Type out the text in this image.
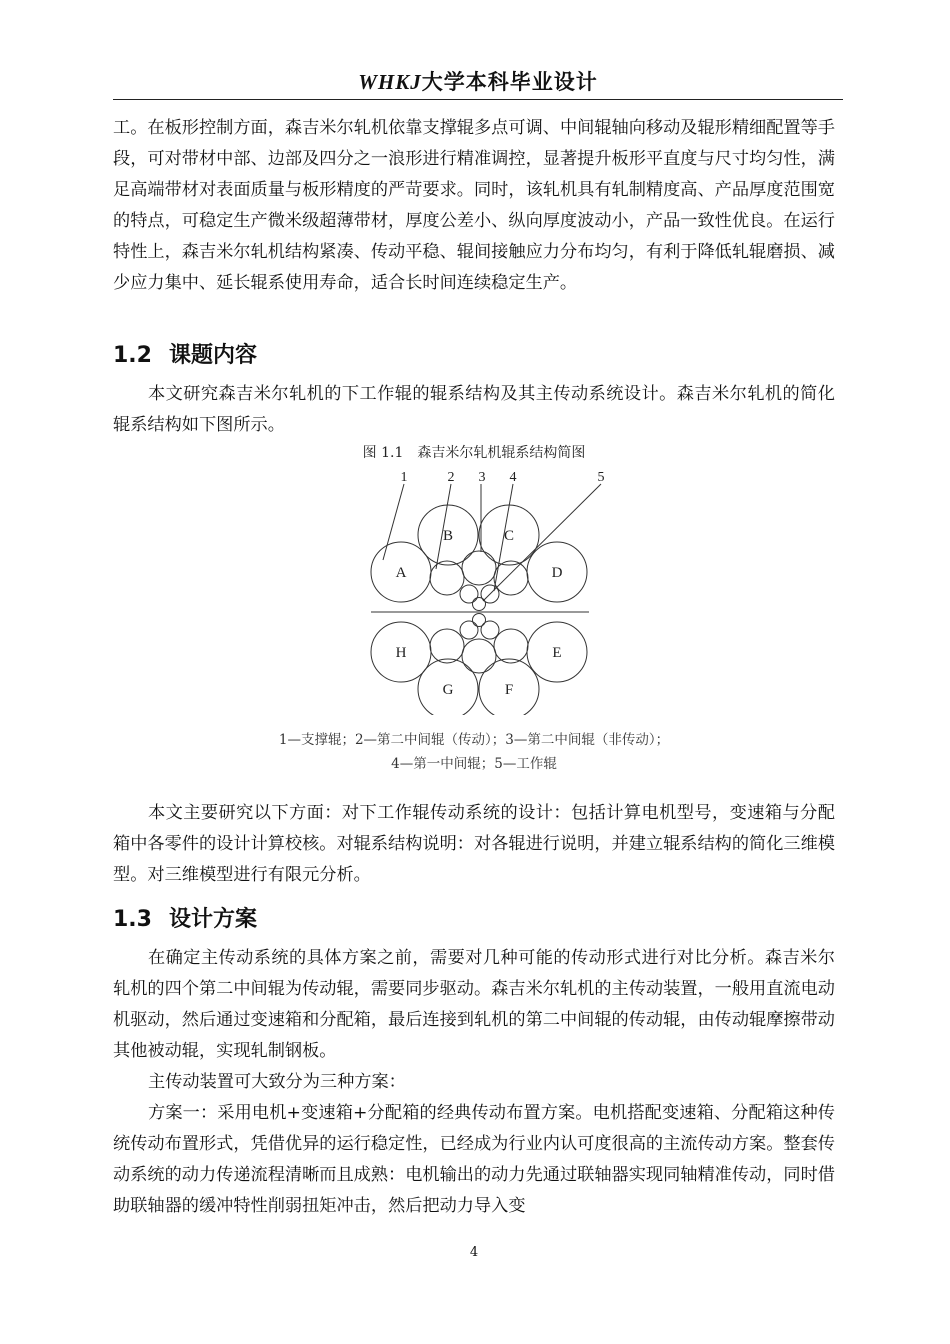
WHKJ大学本科毕业设计

工。在板形控制方面，森吉米尔轧机依靠支撑辊多点可调、中间辊轴向移动及辊形精细配置等手段，可对带材中部、边部及四分之一浪形进行精准调控，显著提升板形平直度与尺寸均匀性，满足高端带材对表面质量与板形精度的严苛要求。同时，该轧机具有轧制精度高、产品厚度范围宽的特点，可稳定生产微米级超薄带材，厚度公差小、纵向厚度波动小，产品一致性优良。在运行特性上，森吉米尔轧机结构紧凑、传动平稳、辊间接触应力分布均匀，有利于降低轧辊磨损、减少应力集中、延长辊系使用寿命，适合长时间连续稳定生产。

1.2 课题内容

本文研究森吉米尔轧机的下工作辊的辊系结构及其主传动系统设计。森吉米尔轧机的简化辊系结构如下图所示。

图 1.1　森吉米尔轧机辊系结构简图
1	2 3 4	5
A
B	C
D
E
F
G
H
1—支撑辊；2—第二中间辊（传动）；3—第二中间辊（非传动）；
4—第一中间辊；5—工作辊

本文主要研究以下方面：对下工作辊传动系统的设计：包括计算电机型号，变速箱与分配箱中各零件的设计计算校核。对辊系结构说明：对各辊进行说明，并建立辊系结构的简化三维模型。对三维模型进行有限元分析。

1.3 设计方案

在确定主传动系统的具体方案之前，需要对几种可能的传动形式进行对比分析。森吉米尔轧机的四个第二中间辊为传动辊，需要同步驱动。森吉米尔轧机的主传动装置，一般用直流电动机驱动，然后通过变速箱和分配箱，最后连接到轧机的第二中间辊的传动辊，由传动辊摩擦带动其他被动辊，实现轧制钢板。

主传动装置可大致分为三种方案：

方案一：采用电机+变速箱+分配箱的经典传动布置方案。电机搭配变速箱、分配箱这种传统传动布置形式，凭借优异的运行稳定性，已经成为行业内认可度很高的主流传动方案。整套传动系统的动力传递流程清晰而且成熟：电机输出的动力先通过联轴器实现同轴精准传动，同时借助联轴器的缓冲特性削弱扭矩冲击，然后把动力导入变

4
